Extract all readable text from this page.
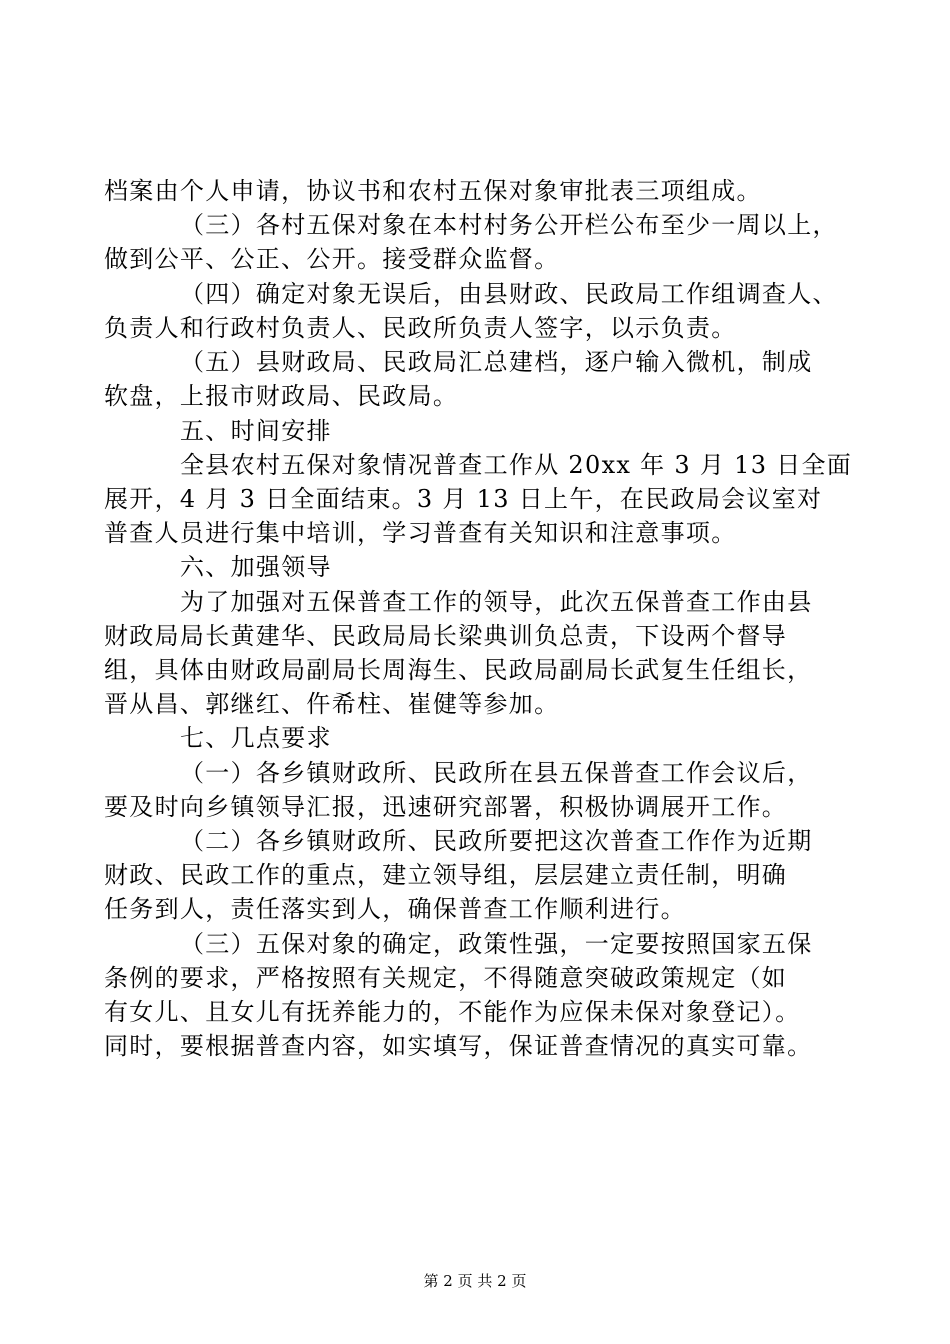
档案由个人申请，协议书和农村五保对象审批表三项组成。
（三）各村五保对象在本村村务公开栏公布至少一周以上，
做到公平、公正、公开。接受群众监督。
（四）确定对象无误后，由县财政、民政局工作组调查人、
负责人和行政村负责人、民政所负责人签字，以示负责。
（五）县财政局、民政局汇总建档，逐户输入微机，制成
软盘，上报市财政局、民政局。
五、时间安排
全县农村五保对象情况普查工作从 20xx 年 3 月 13 日全面
展开，4 月 3 日全面结束。3 月 13 日上午，在民政局会议室对
普查人员进行集中培训，学习普查有关知识和注意事项。
六、加强领导
为了加强对五保普查工作的领导，此次五保普查工作由县
财政局局长黄建华、民政局局长梁典训负总责，下设两个督导
组，具体由财政局副局长周海生、民政局副局长武复生任组长，
晋从昌、郭继红、仵希柱、崔健等参加。
七、几点要求
（一）各乡镇财政所、民政所在县五保普查工作会议后，
要及时向乡镇领导汇报，迅速研究部署，积极协调展开工作。
（二）各乡镇财政所、民政所要把这次普查工作作为近期
财政、民政工作的重点，建立领导组，层层建立责任制，明确
任务到人，责任落实到人，确保普查工作顺利进行。
（三）五保对象的确定，政策性强，一定要按照国家五保
条例的要求，严格按照有关规定，不得随意突破政策规定（如
有女儿、且女儿有抚养能力的，不能作为应保未保对象登记）。
同时，要根据普查内容，如实填写，保证普查情况的真实可靠。
第 2 页 共 2 页
